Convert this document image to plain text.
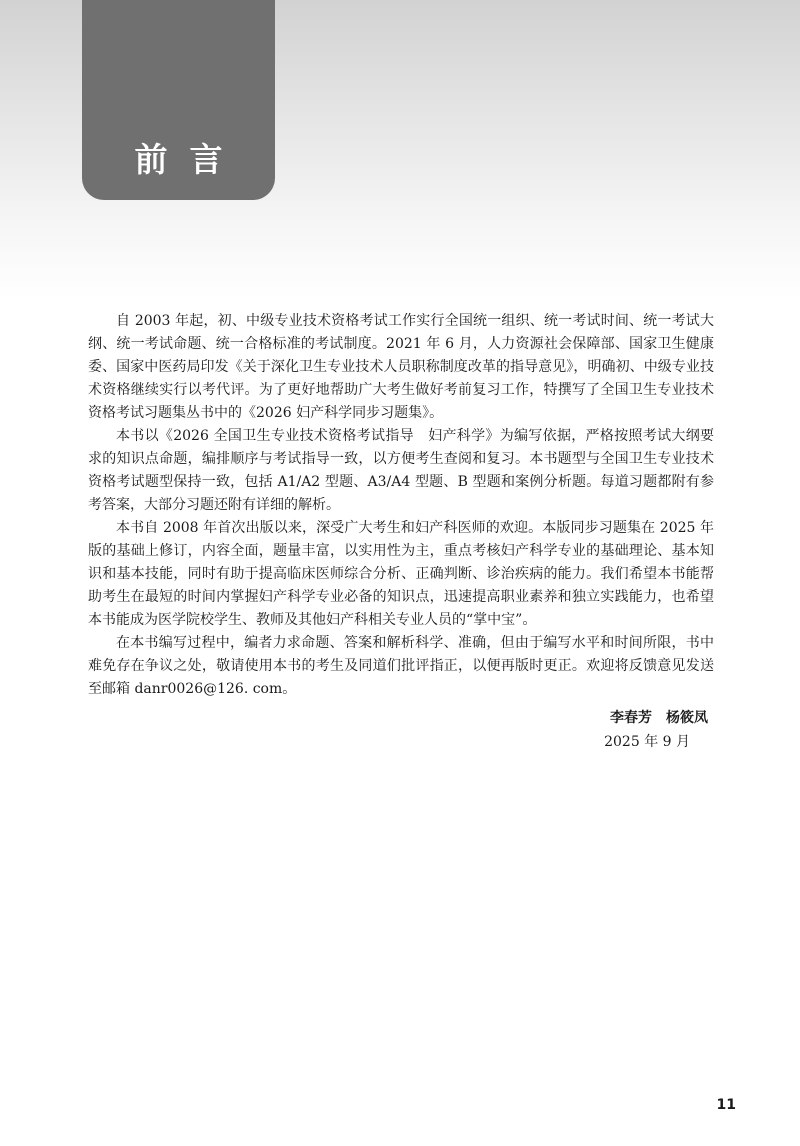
前言

自 2003 年起，初、中级专业技术资格考试工作实行全国统一组织、统一考试时间、统一考试大纲、统一考试命题、统一合格标准的考试制度。2021 年 6 月，人力资源社会保障部、国家卫生健康委、国家中医药局印发《关于深化卫生专业技术人员职称制度改革的指导意见》，明确初、中级专业技术资格继续实行以考代评。为了更好地帮助广大考生做好考前复习工作，特撰写了全国卫生专业技术资格考试习题集丛书中的《2026 妇产科学同步习题集》。

本书以《2026 全国卫生专业技术资格考试指导　妇产科学》为编写依据，严格按照考试大纲要求的知识点命题，编排顺序与考试指导一致，以方便考生查阅和复习。本书题型与全国卫生专业技术资格考试题型保持一致，包括 A1/A2 型题、A3/A4 型题、B 型题和案例分析题。每道习题都附有参考答案，大部分习题还附有详细的解析。

本书自 2008 年首次出版以来，深受广大考生和妇产科医师的欢迎。本版同步习题集在 2025 年版的基础上修订，内容全面，题量丰富，以实用性为主，重点考核妇产科学专业的基础理论、基本知识和基本技能，同时有助于提高临床医师综合分析、正确判断、诊治疾病的能力。我们希望本书能帮助考生在最短的时间内掌握妇产科学专业必备的知识点，迅速提高职业素养和独立实践能力，也希望本书能成为医学院校学生、教师及其他妇产科相关专业人员的“掌中宝”。

在本书编写过程中，编者力求命题、答案和解析科学、准确，但由于编写水平和时间所限，书中难免存在争议之处，敬请使用本书的考生及同道们批评指正，以便再版时更正。欢迎将反馈意见发送至邮箱 danr0026@126. com。

李春芳　杨筱凤
2025 年 9 月
11
